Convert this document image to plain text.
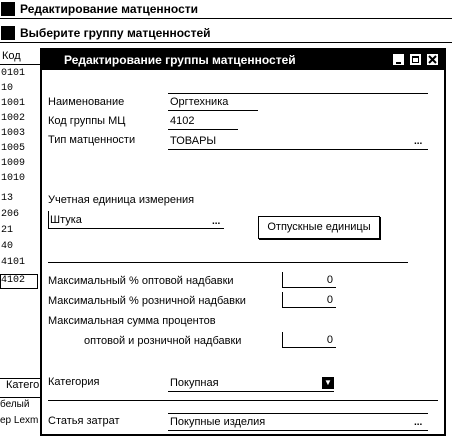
Редактирование матценности
Выберите группу матценностей
Код
0101
10
1001
1002
1003
1005
1009
1010
13
206
21
40
4101
4102
Катего
белый
ер Lexm
Редактирование группы матценностей
Наименование	Оргтехника
Код группы МЦ	4102
Тип матценности	ТОВАРЫ	...
Учетная единица измерения
Штука	...	Отпускные единицы
Максимальный % оптовой надбавки	0
Максимальный % розничной надбавки	0
Максимальная сумма процентов
оптовой и розничной надбавки	0
Категория	Покупная	▼
Статья затрат	Покупные изделия	...
